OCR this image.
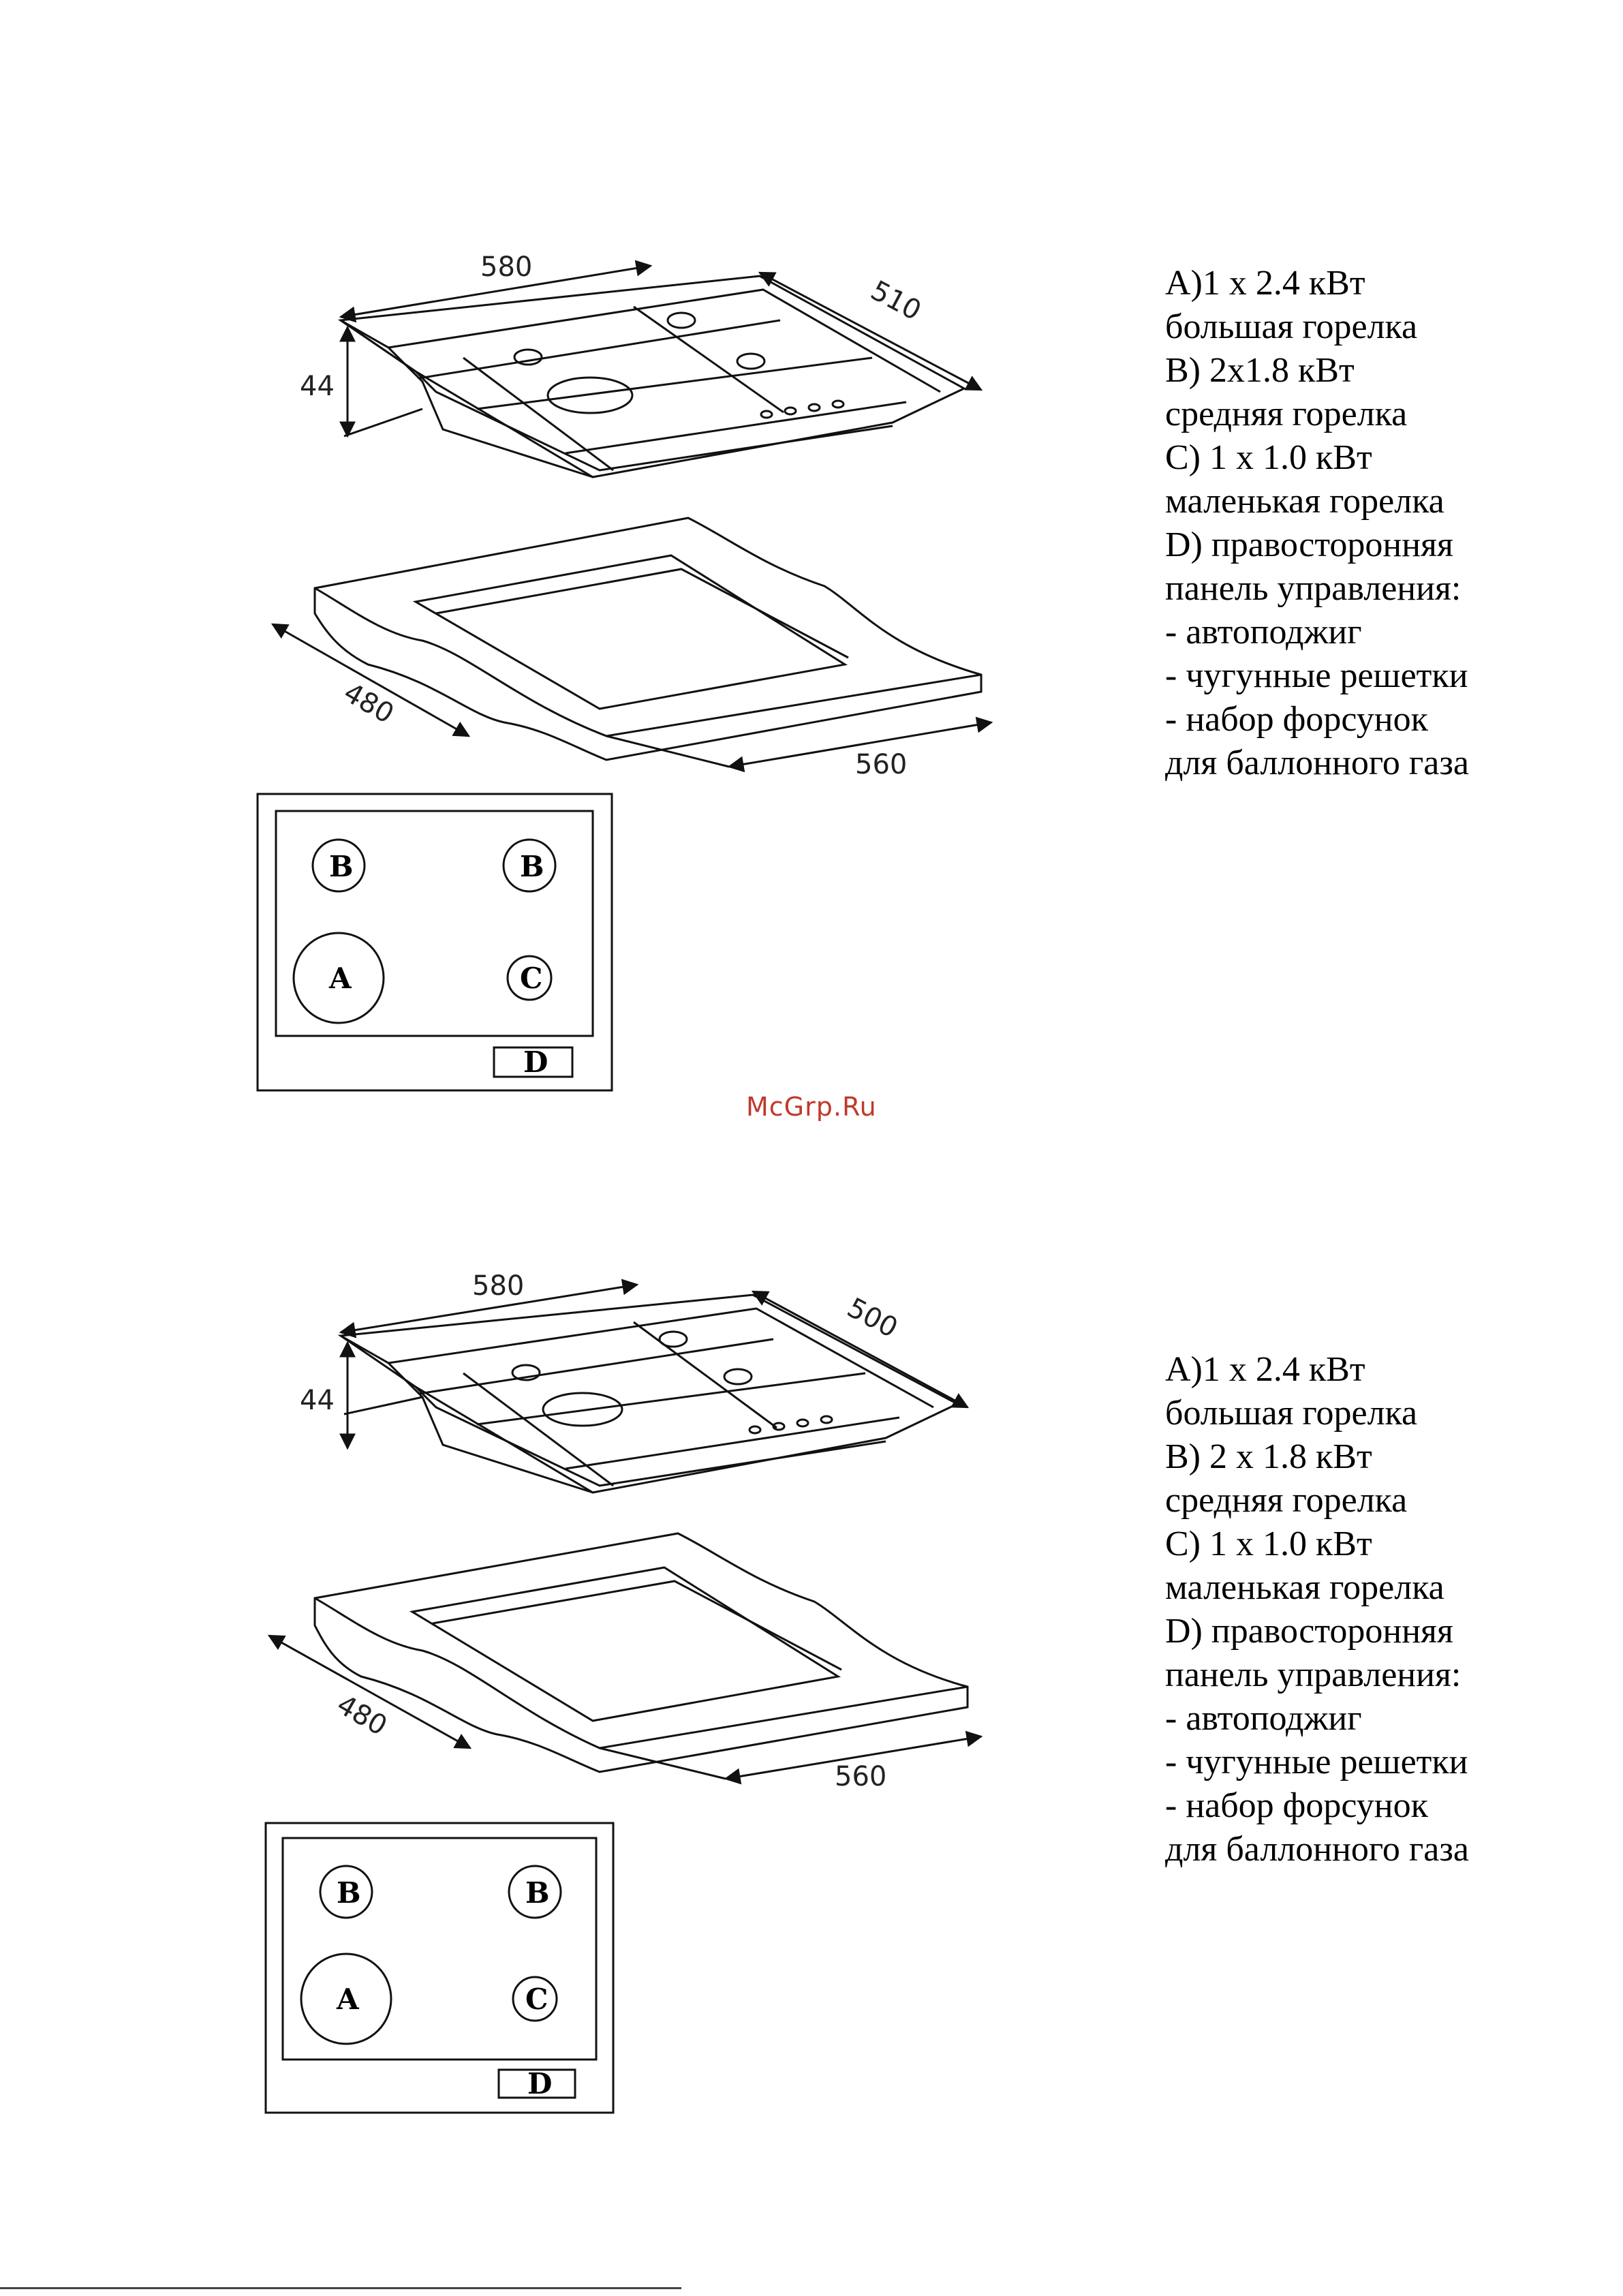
580
510
44
480
560
B	B
A	C
D
580
500
44
480
560
B	B
A	C
D
A)1 x 2.4 кВт
большая горелка
B) 2x1.8 кВт
средняя горелка
C) 1 x 1.0 кВт
маленькая горелка
D) правосторонняя
панель управления:
- автоподжиг
- чугунные решетки
- набор форсунок
для баллонного газа
A)1 x 2.4 кВт
большая горелка
B) 2 x 1.8 кВт
средняя горелка
C) 1 x 1.0 кВт
маленькая горелка
D) правосторонняя
панель управления:
- автоподжиг
- чугунные решетки
- набор форсунок
для баллонного газа
McGrp.Ru
